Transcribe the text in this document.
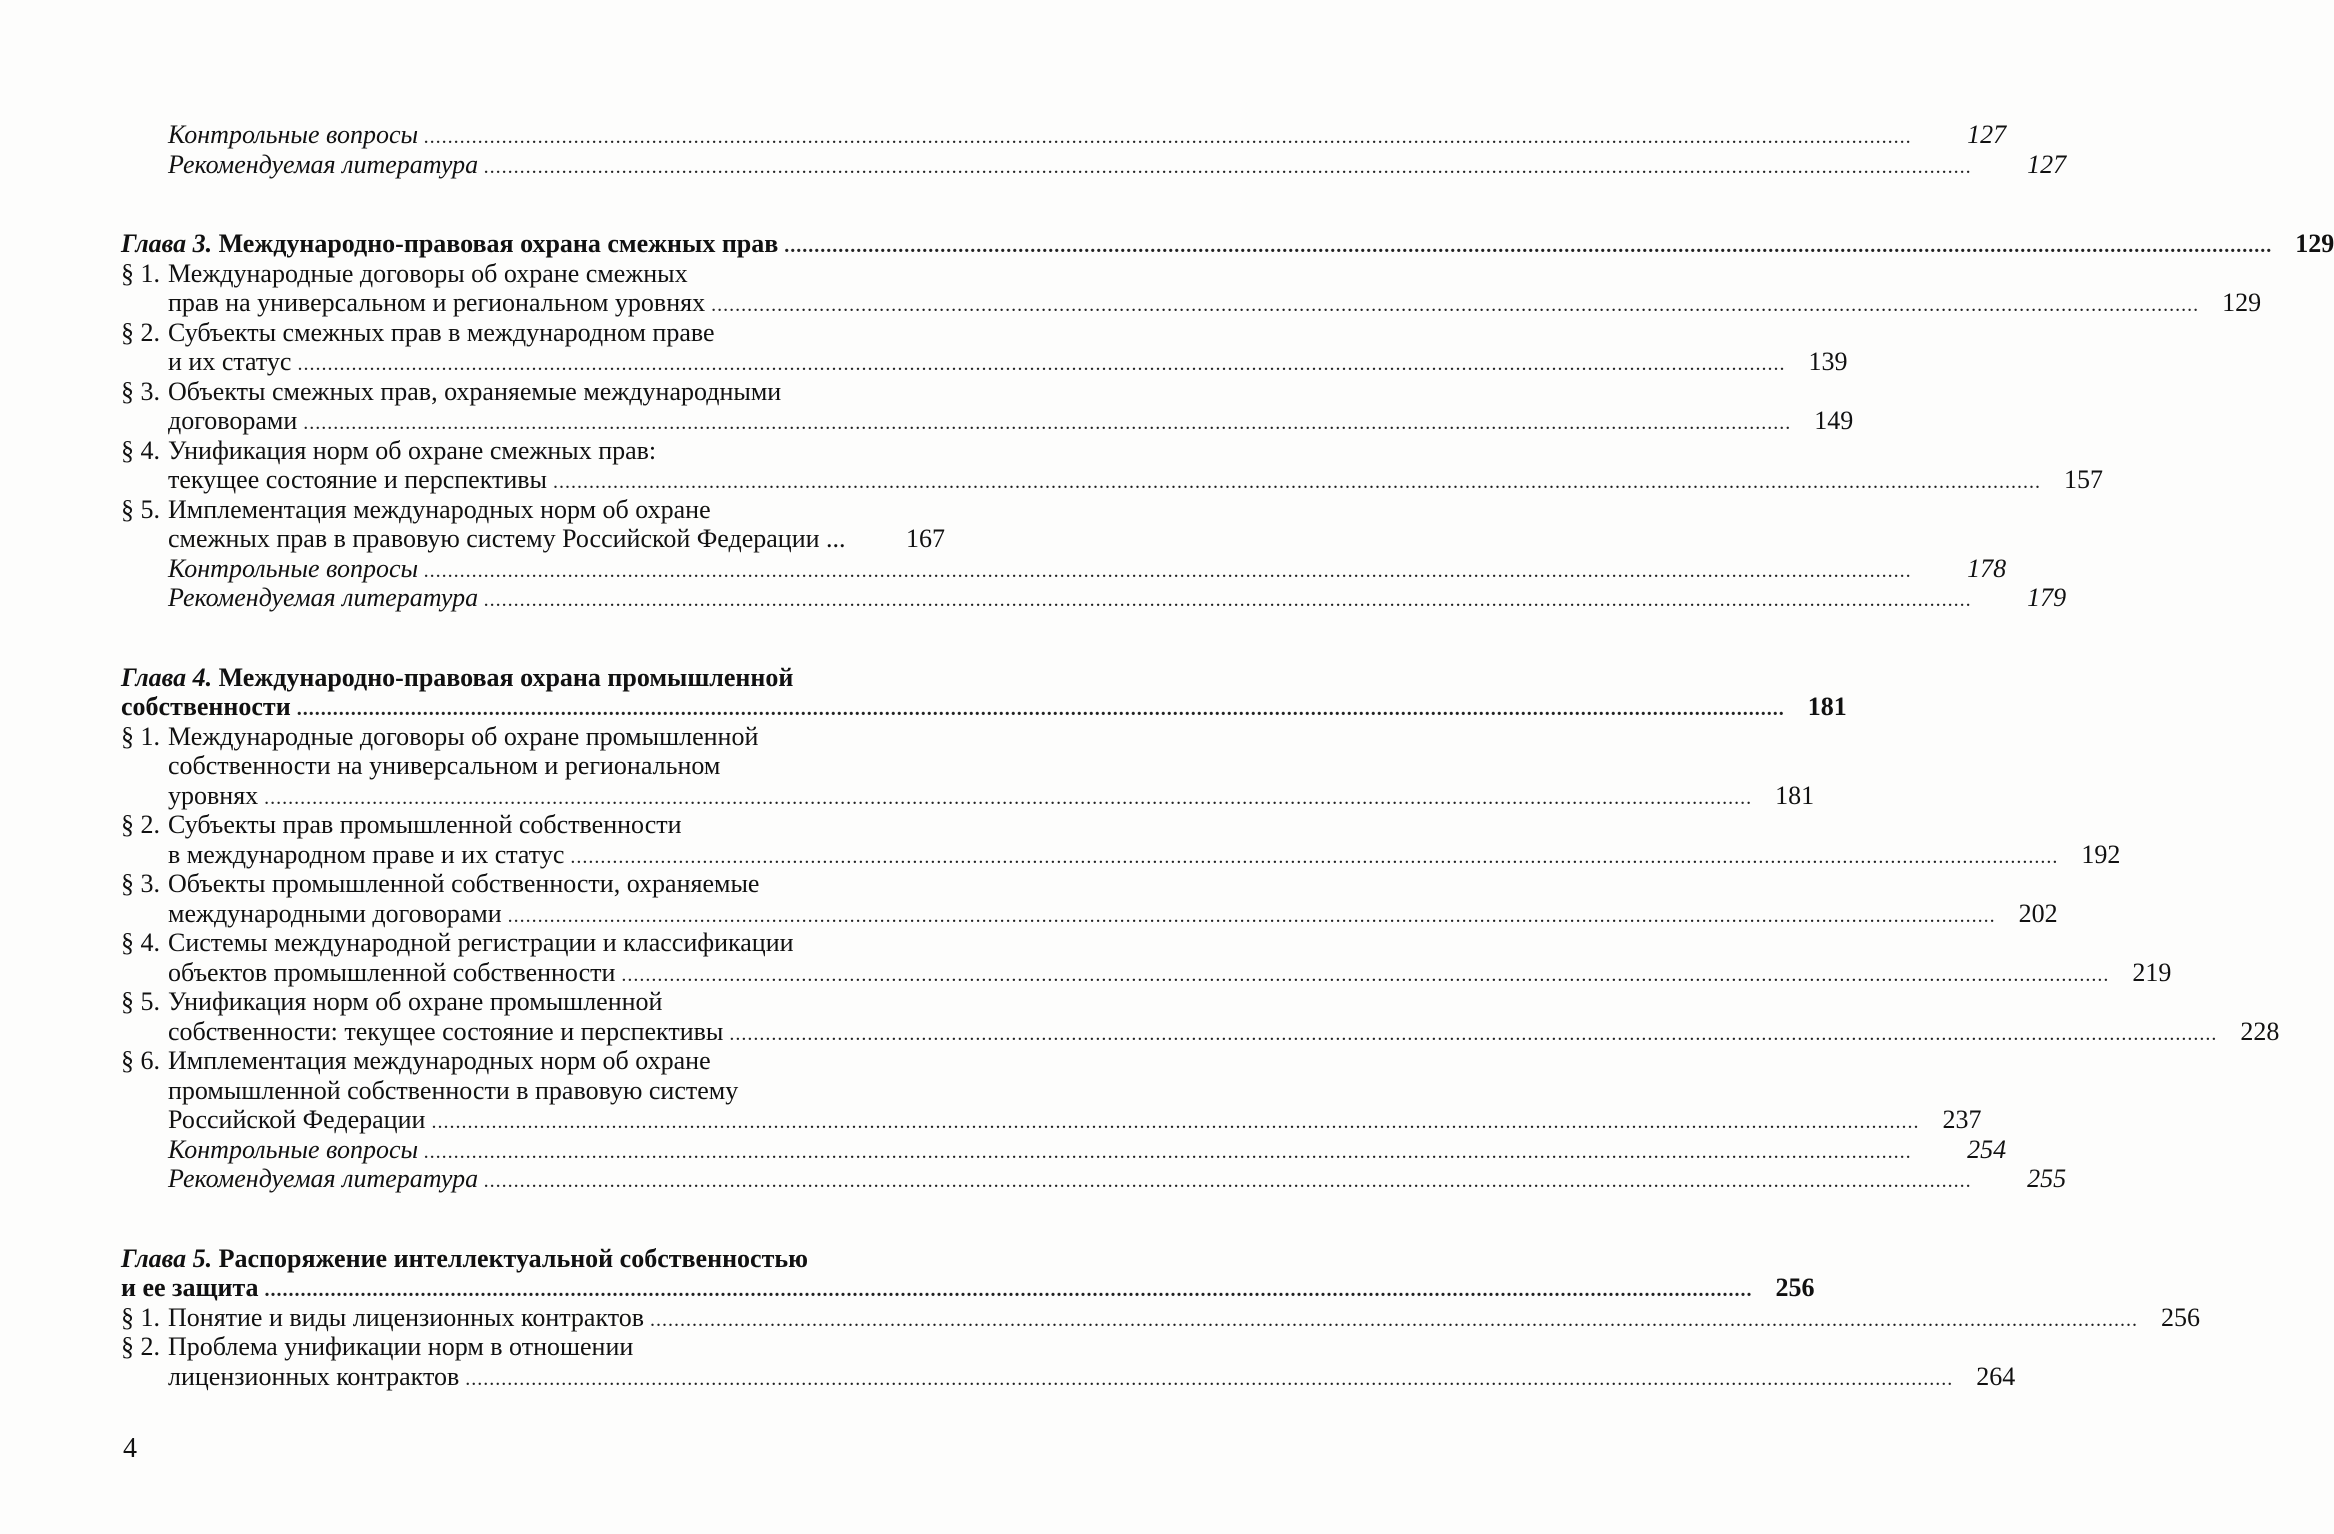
Контрольные вопросы .....	127
Рекомендуемая литература .....	127
Глава 3. Международно-правовая охрана смежных прав .....	129
§ 1. Международные договоры об охране смежных
прав на универсальном и региональном уровнях .....	129
§ 2. Субъекты смежных прав в международном праве
и их статус .....	139
§ 3. Объекты смежных прав, охраняемые международными
договорами .....	149
§ 4. Унификация норм об охране смежных прав:
текущее состояние и перспективы .....	157
§ 5. Имплементация международных норм об охране
смежных прав в правовую систему Российской Федерации ...	167
Контрольные вопросы .....	178
Рекомендуемая литература .....	179
Глава 4. Международно-правовая охрана промышленной
собственности .....	181
§ 1. Международные договоры об охране промышленной
собственности на универсальном и региональном
уровнях .....	181
§ 2. Субъекты прав промышленной собственности
в международном праве и их статус .....	192
§ 3. Объекты промышленной собственности, охраняемые
международными договорами .....	202
§ 4. Системы международной регистрации и классификации
объектов промышленной собственности .....	219
§ 5. Унификация норм об охране промышленной
собственности: текущее состояние и перспективы .....	228
§ 6. Имплементация международных норм об охране
промышленной собственности в правовую систему
Российской Федерации .....	237
Контрольные вопросы .....	254
Рекомендуемая литература .....	255
Глава 5. Распоряжение интеллектуальной собственностью
и ее защита .....	256
§ 1. Понятие и виды лицензионных контрактов .....	256
§ 2. Проблема унификации норм в отношении
лицензионных контрактов .....	264
4
